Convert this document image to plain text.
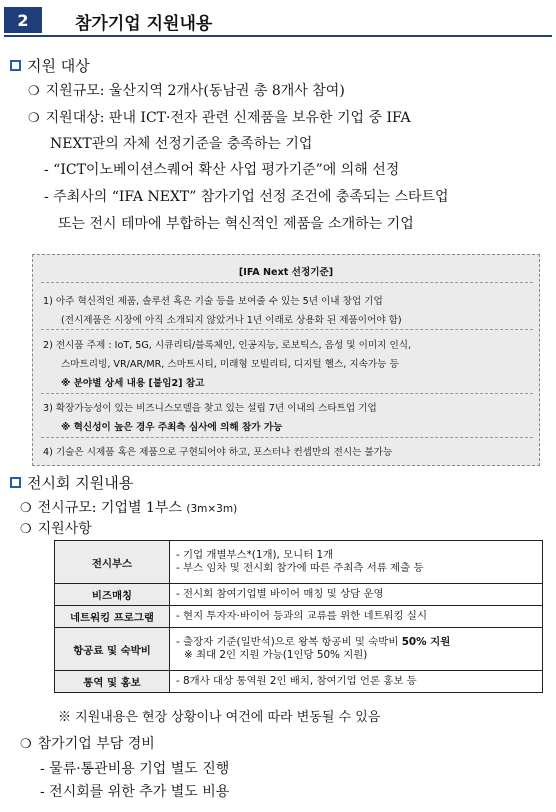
2	참가기업 지원내용
지원 대상
❍ 지원규모: 울산지역 2개사(동남권 총 8개사 참여)
❍ 지원대상: 판내 ICT·전자 관련 신제품을 보유한 기업 중 IFA
NEXT관의 자체 선정기준을 충족하는 기업
- “ICT이노베이션스퀘어 확산 사업 평가기준”에 의해 선정
- 주최사의 “IFA NEXT” 참가기업 선정 조건에 충족되는 스타트업
또는 전시 테마에 부합하는 혁신적인 제품을 소개하는 기업
[IFA Next 선정기준]
1) 아주 혁신적인 제품, 솔루션 혹은 기술 등을 보여줄 수 있는 5년 이내 창업 기업
(전시제품은 시장에 아직 소개되지 않았거나 1년 이래로 상용화 된 제품이어야 함)
2) 전시품 주제 : IoT, 5G, 시큐리티/블록체인, 인공지능, 로보틱스, 음성 및 이미지 인식,
스마트리빙, VR/AR/MR, 스마트시티, 미래형 모빌리티, 디지털 헬스, 지속가능 등
※ 분야별 상세 내용 [붙임2] 참고
3) 확장가능성이 있는 비즈니스모델을 찾고 있는 설립 7년 이내의 스타트업 기업
※ 혁신성이 높은 경우 주최측 심사에 의해 참가 가능
4) 기술은 시제품 혹은 제품으로 구현되어야 하고, 포스터나 컨셉만의 전시는 불가능
전시회 지원내용
❍ 전시규모: 기업별 1부스 (3m×3m)
❍ 지원사항
전시부스	- 기업 개별부스*(1개), 모니터 1개
- 부스 임차 및 전시회 참가에 따른 주최측 서류 제출 등

비즈매칭	- 전시회 참여기업별 바이어 매칭 및 상담 운영
네트워킹 프로그램	- 현지 투자자·바이어 등과의 교류를 위한 네트워킹 실시
항공료 및 숙박비	- 출장자 기준(일반석)으로 왕복 항공비 및 숙박비 50% 지원
※ 최대 2인 지원 가능(1인당 50% 지원)

통역 및 홍보	- 8개사 대상 통역원 2인 배치, 참여기업 언론 홍보 등
※ 지원내용은 현장 상황이나 여건에 따라 변동될 수 있음
❍ 참가기업 부담 경비
- 물류·통관비용 기업 별도 진행
- 전시회를 위한 추가 별도 비용
